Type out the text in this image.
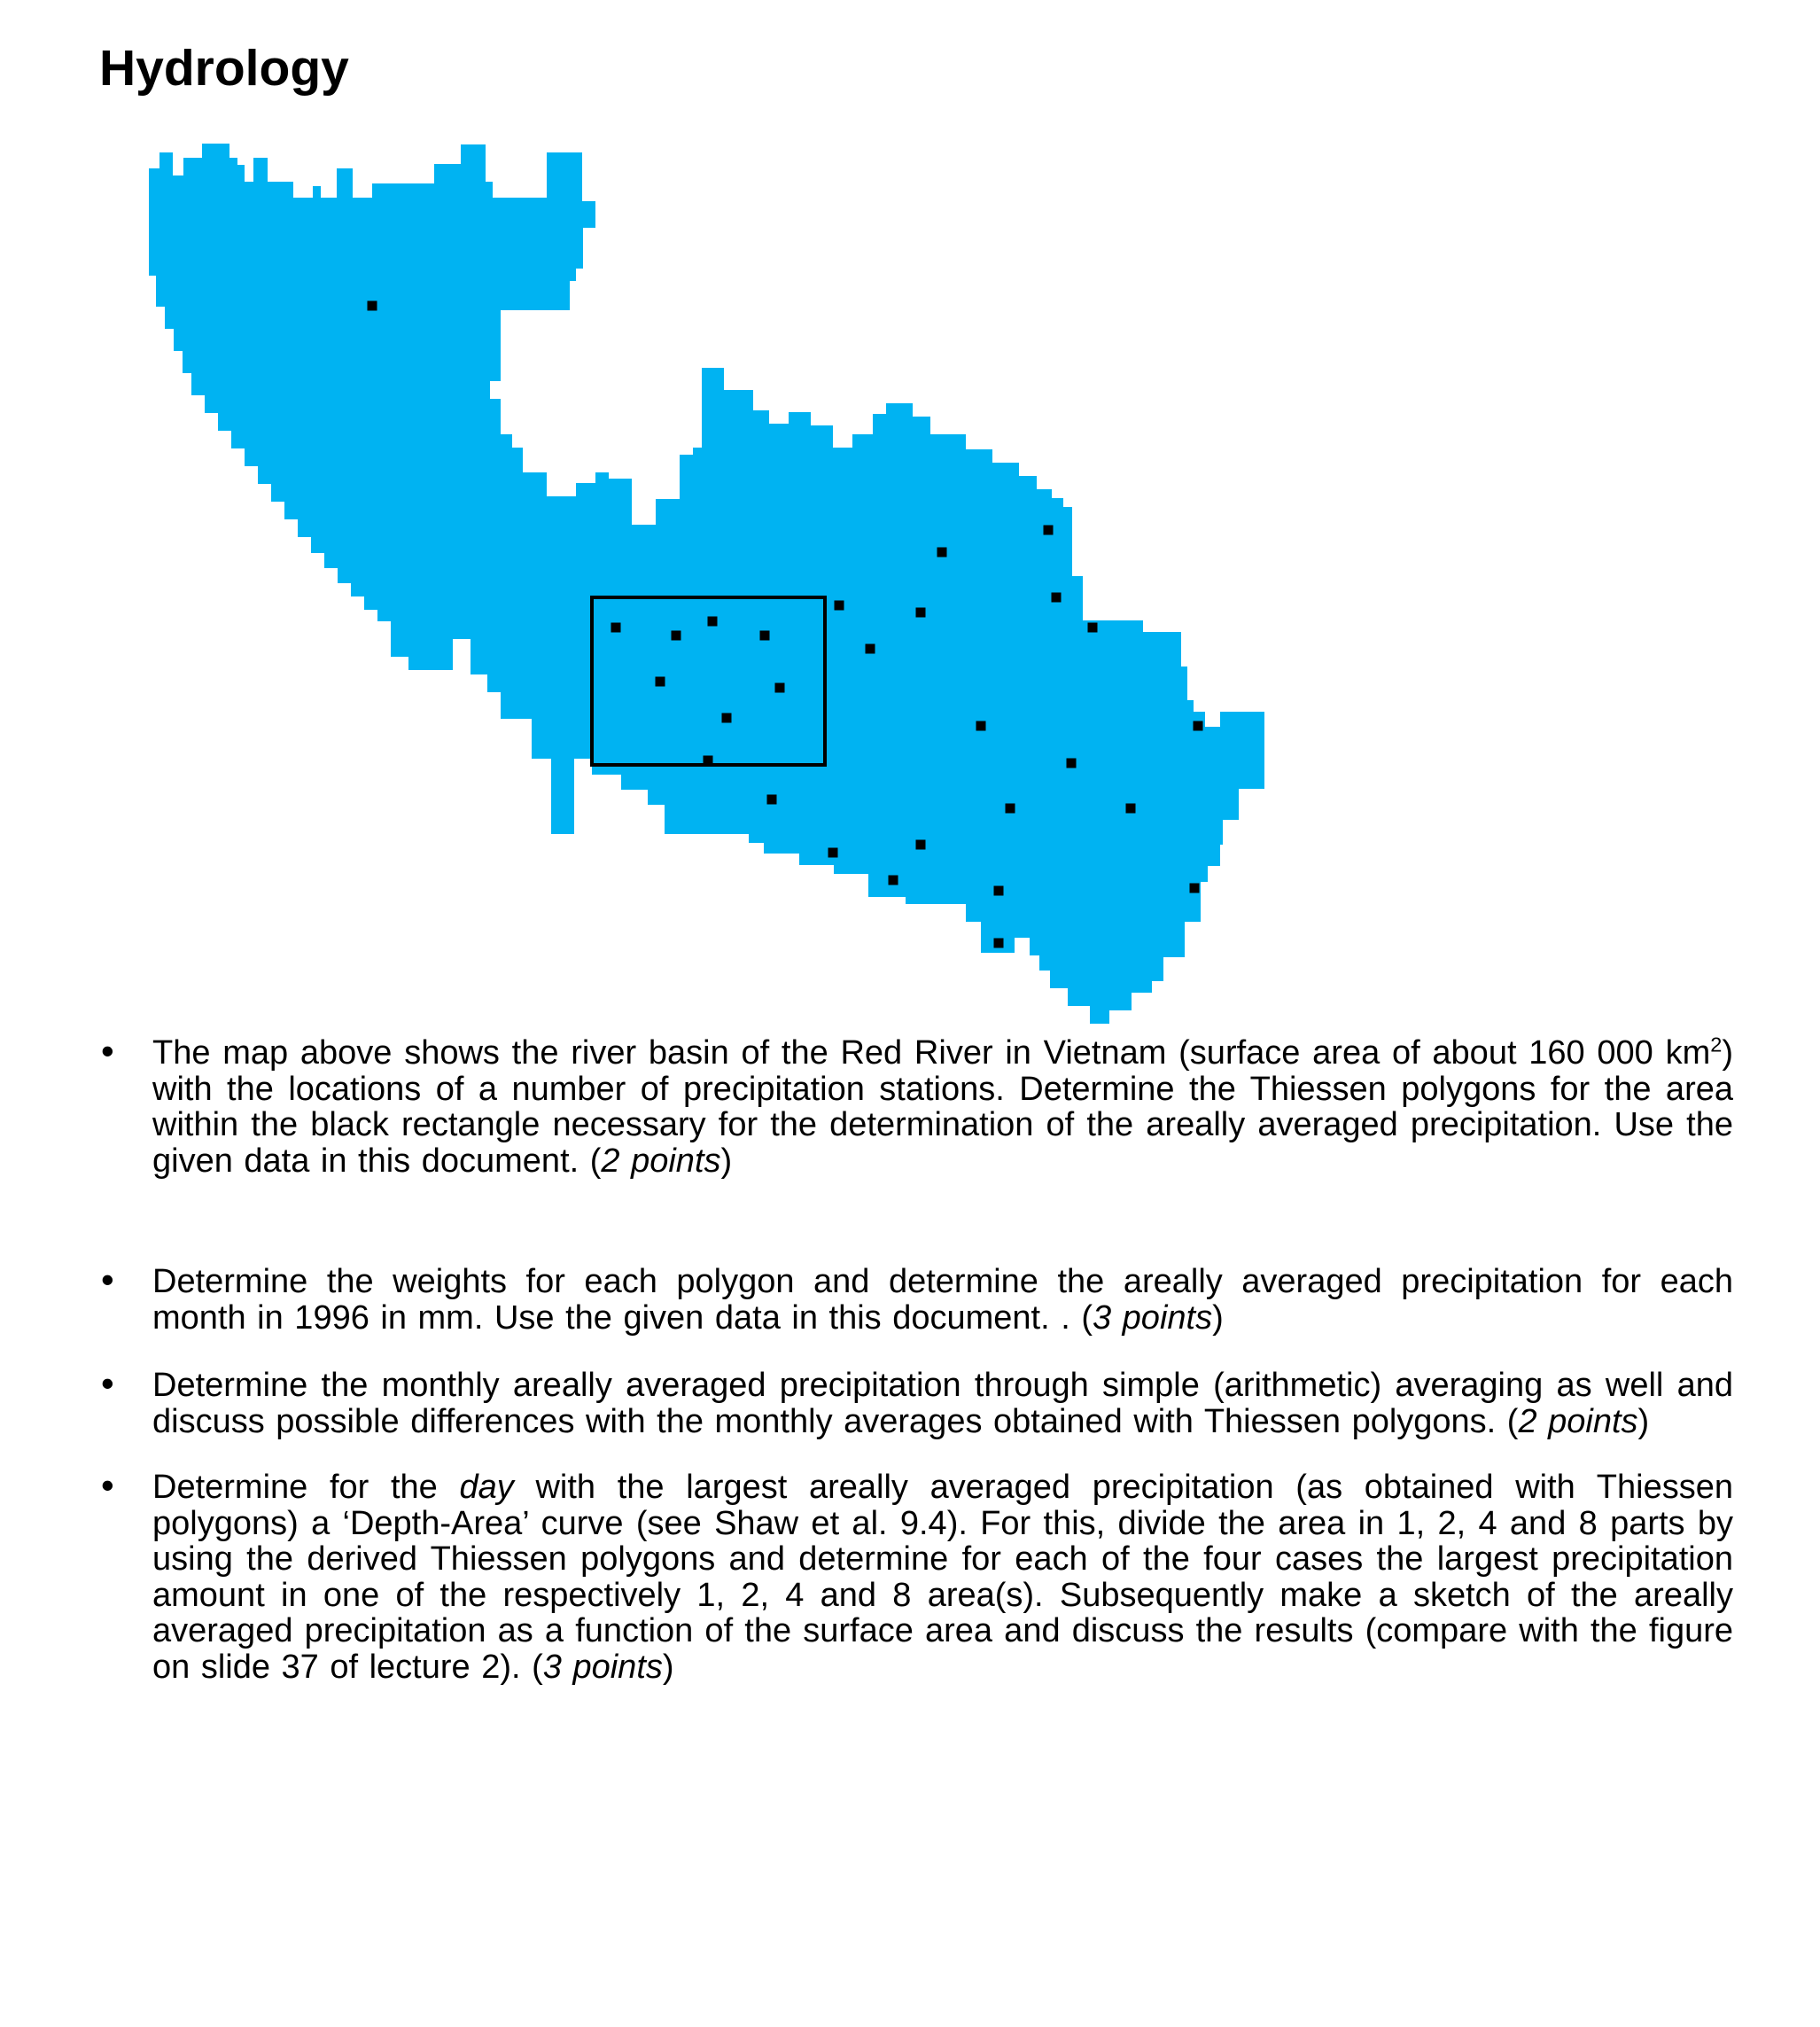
Hydrology
• The map above shows the river basin of the Red River in Vietnam (surface area of about 160 000 $km^2$) with the locations of a number of precipitation stations. Determine the Thiessen polygons for the area within the black rectangle necessary for the determination of the areally averaged precipitation. Use the given data in this document. (2 points)
• Determine the weights for each polygon and determine the areally averaged precipitation for each month in 1996 in mm. Use the given data in this document. . (3 points)
• Determine the monthly areally averaged precipitation through simple (arithmetic) averaging as well and discuss possible differences with the monthly averages obtained with Thiessen polygons. (2 points)
• Determine for the day with the largest areally averaged precipitation (as obtained with Thiessen polygons) a ‘Depth-Area’ curve (see Shaw et al. 9.4). For this, divide the area in 1, 2, 4 and 8 parts by using the derived Thiessen polygons and determine for each of the four cases the largest precipitation amount in one of the respectively 1, 2, 4 and 8 area(s). Subsequently make a sketch of the areally averaged precipitation as a function of the surface area and discuss the results (compare with the figure on slide 37 of lecture 2). (3 points)
